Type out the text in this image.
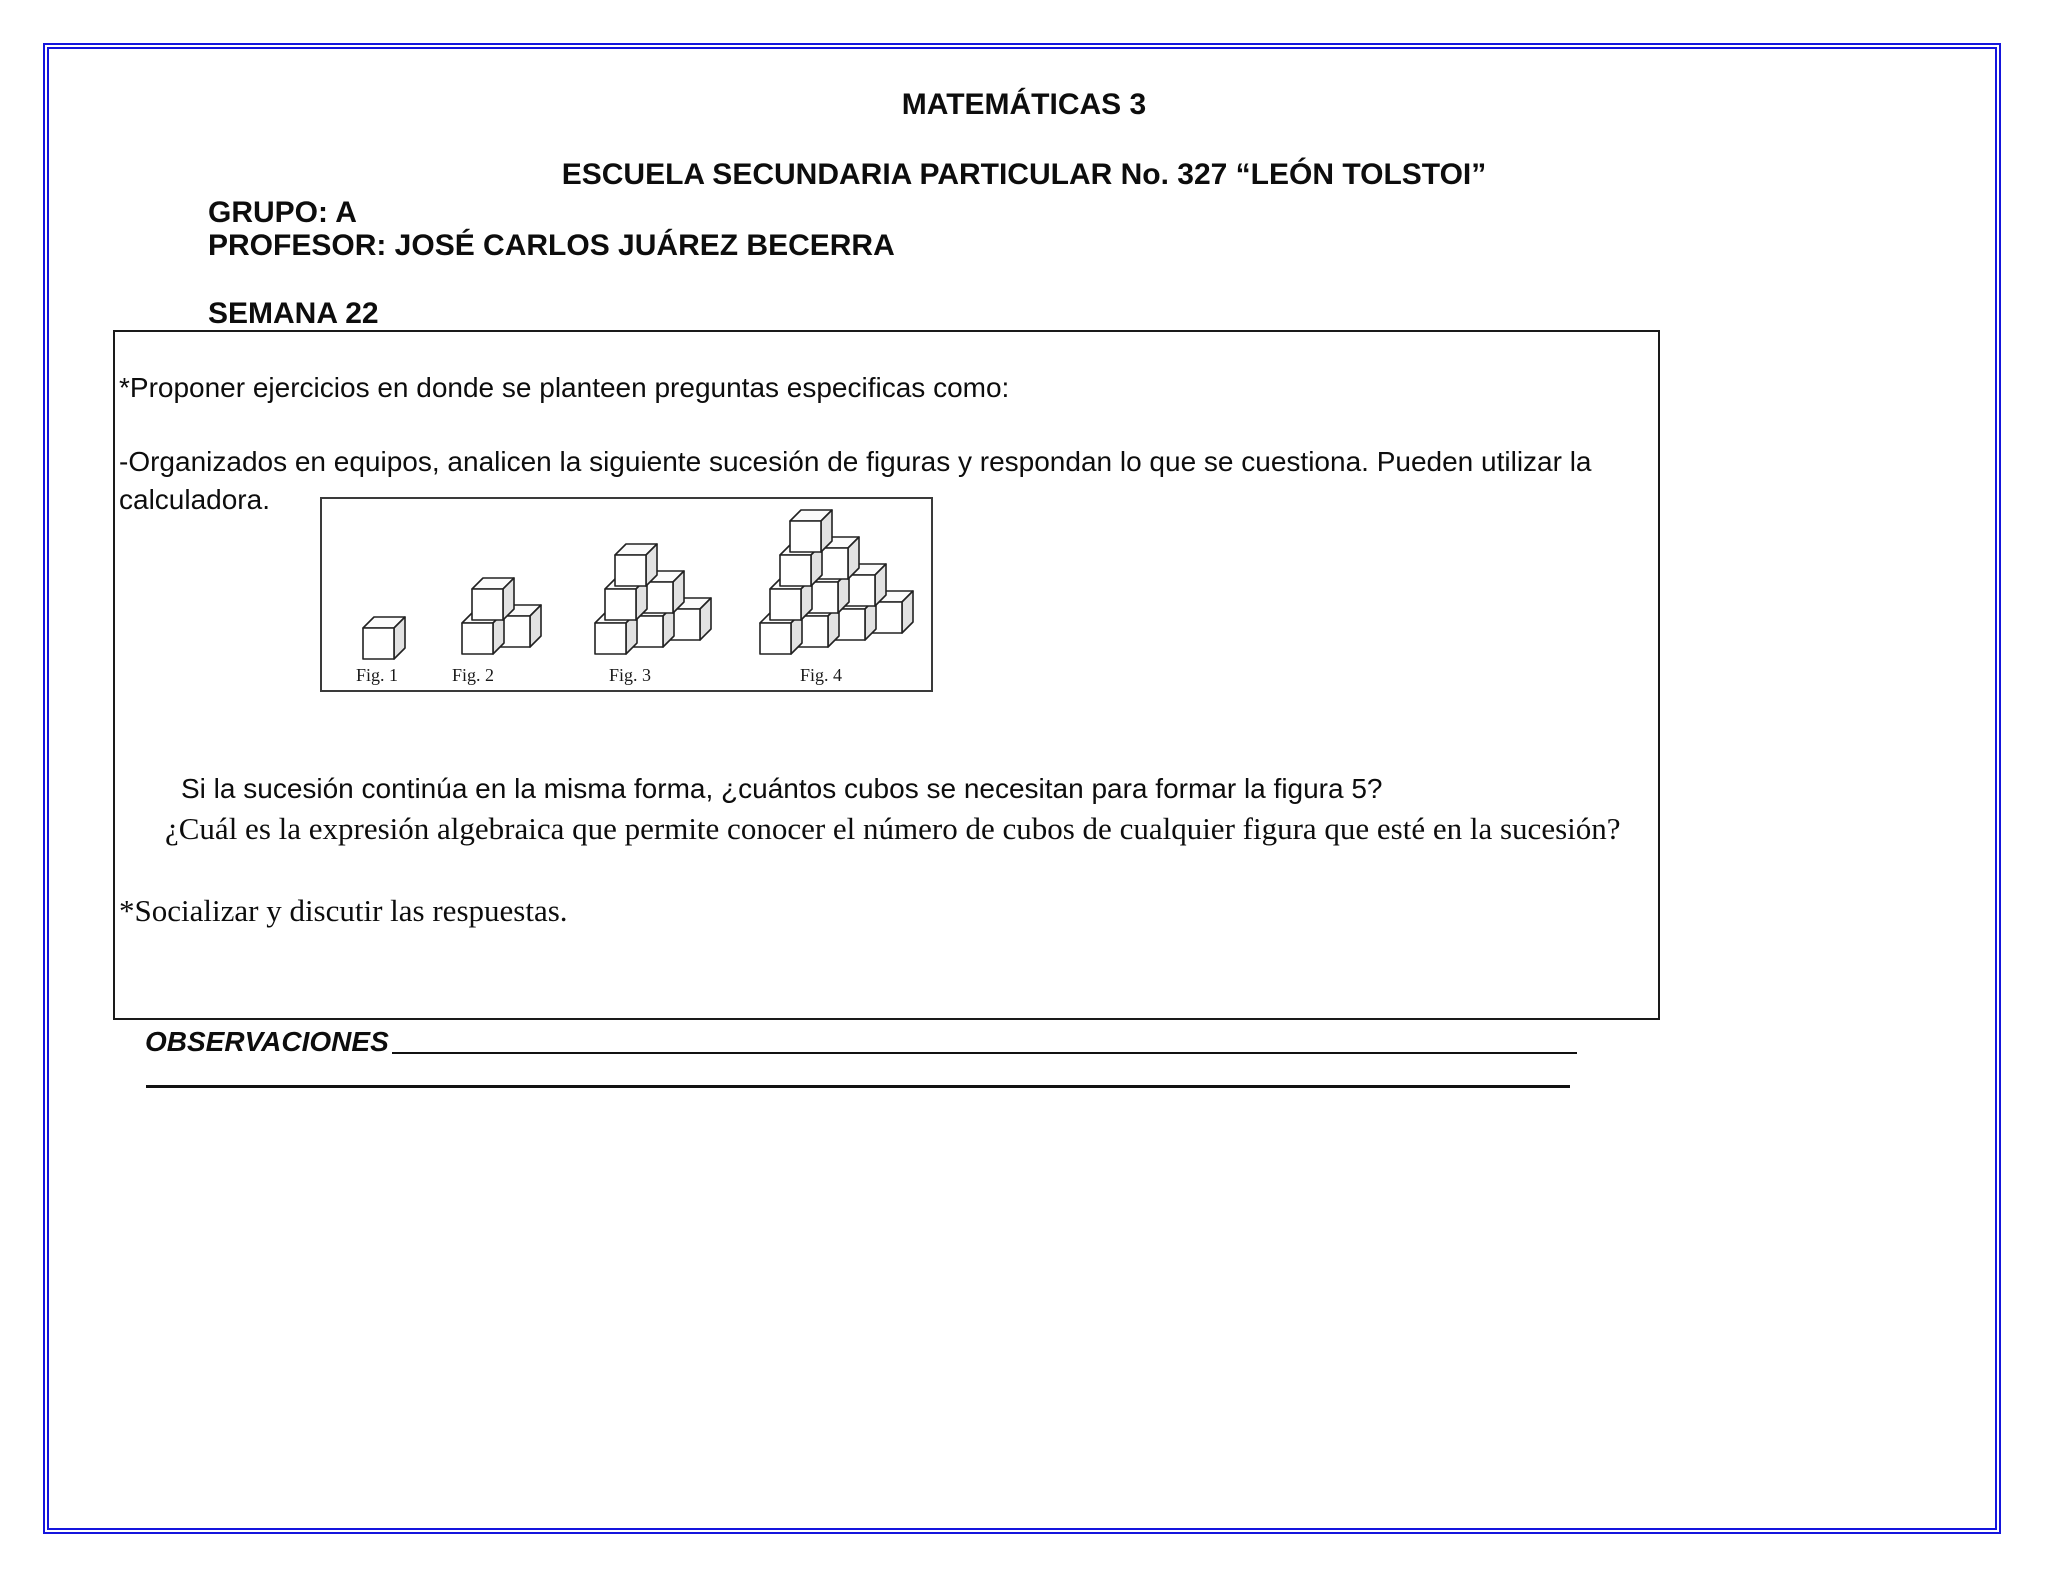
MATEMÁTICAS 3
ESCUELA SECUNDARIA PARTICULAR No. 327 “LEÓN TOLSTOI”
GRUPO: A
PROFESOR: JOSÉ CARLOS JUÁREZ BECERRA
SEMANA 22
*Proponer ejercicios en donde se planteen preguntas especificas como:
-Organizados en equipos, analicen la siguiente sucesión de figuras y respondan lo que se cuestiona. Pueden utilizar la
calculadora.
Fig. 1	Fig. 2	Fig. 3	Fig. 4
Si la sucesión continúa en la misma forma, ¿cuántos cubos se necesitan para formar la figura 5?
¿Cuál es la expresión algebraica que permite conocer el número de cubos de cualquier figura que esté en la sucesión?
*Socializar y discutir las respuestas.
OBSERVACIONES
